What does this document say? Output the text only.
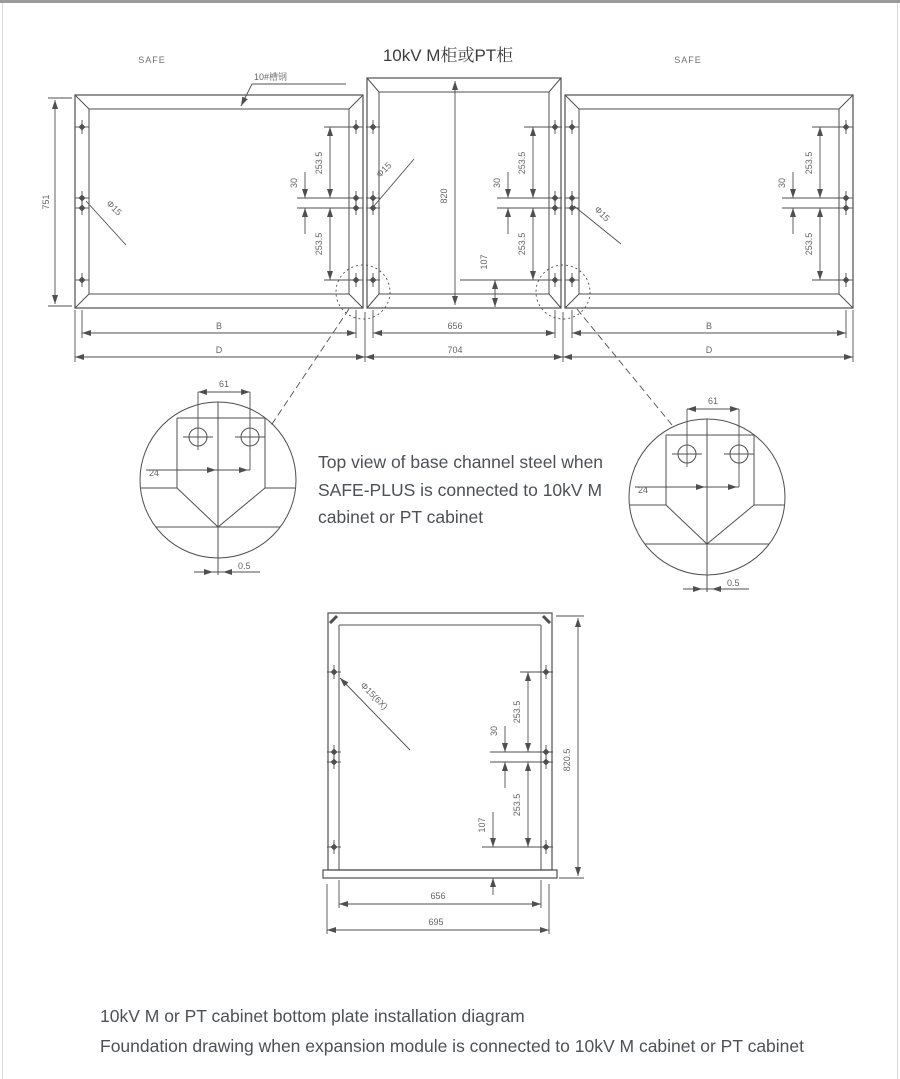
SAFE	10kV M柜或PT柜	SAFE
10#槽钢
Φ15
Φ15
Φ15
751	820
253.5
30
253.5
253.5
30
253.5
107
253.5
30
253.5
B	656	B
D	704	D
61
24
0.5
61
24
0.5
Top view of base channel steel when
SAFE-PLUS is connected to 10kV M
cabinet or PT cabinet
Φ15(6X)
253.5
30
253.5
107
820.5
656
695
10kV M or PT cabinet bottom plate installation diagram
Foundation drawing when expansion module is connected to 10kV M cabinet or PT cabinet
